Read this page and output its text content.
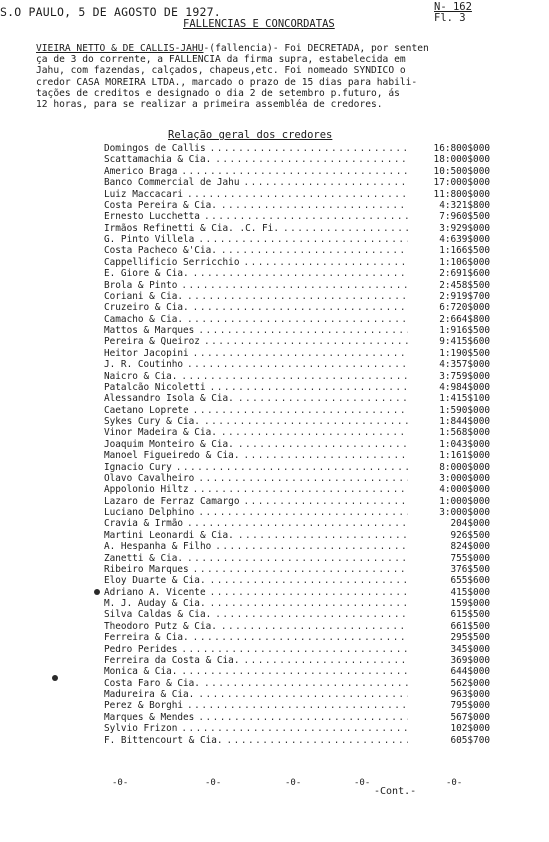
S.O PAULO, 5 DE AGOSTO DE 1927.	N- 162
Fl. 3
FALLENCIAS E CONCORDATAS
VIEIRA NETTO & DE CALLIS-JAHU-(fallencia)- Foi DECRETADA, por senten
ça de 3 do corrente, a FALLENCIA da firma supra, estabelecida em
Jahu, com fazendas, calçados, chapeus,etc. Foi nomeado SYNDICO o
credor CASA MOREIRA LTDA., marcado o prazo de 15 dias para habili-
tações de creditos e designado o dia 2 de setembro p.futuro, ás
12 horas, para se realizar a primeira assembléa de credores.
Relação geral dos credores
Domingos de Callis .....	16:800$000
Scattamachia & Cia. .....	18:000$000
Americo Braga .....	10:500$000
Banco Commercial de Jahu .....	17:000$000
Luiz Maccacari .....	11:800$000
Costa Pereira & Cia. .....	4:321$800
Ernesto Lucchetta .....	7:960$500
Irmãos Refinetti & Cia. .C. Fi. .....	3:929$000
G. Pinto Villela .....	4:639$000
Costa Pacheco &'Cia. .....	1:166$500
Cappellificio Serricchio .....	1:106$000
E. Giore & Cia. .....	2:691$600
Brola & Pinto .....	2:458$500
Coriani & Cia. .....	2:919$700
Cruzeiro & Cia. .....	6:720$000
Camacho & Cia. .....	2:664$800
Mattos & Marques .....	1:916$500
Pereira & Queiroz .....	9:415$600
Heitor Jacopini .....	1:190$500
J. R. Coutinho .....	4:357$000
Naicro & Cia. .....	3:759$000
Patalcão Nicoletti .....	4:984$000
Alessandro Isola & Cia. .....	1:415$100
Caetano Loprete .....	1:590$000
Sykes Cury & Cia. .....	1:844$000
Vinor Madeira & Cia. .....	1:568$000
Joaquim Monteiro & Cia. .....	1:043$000
Manoel Figueiredo & Cia. .....	1:161$000
Ignacio Cury .....	8:000$000
Olavo Cavalheiro .....	3:000$000
Appolonio Hiltz .....	4:000$000
Lazaro de Ferraz Camargo .....	1:000$000
Luciano Delphino .....	3:000$000
Cravia & Irmão .....	204$000
Martini Leonardi & Cia. .....	926$500
A. Hespanha & Filho .....	824$000
Zanetti & Cia. .....	755$000
Ribeiro Marques .....	376$500
Eloy Duarte & Cia. .....	655$600
Adriano A. Vicente .....	415$000
M. J. Auday & Cia. .....	159$000
Silva Caldas & Cia. .....	615$500
Theodoro Putz & Cia. .....	661$500
Ferreira & Cia. .....	295$500
Pedro Perides .....	345$000
Ferreira da Costa & Cia. .....	369$000
Monica & Cia. .....	644$000
Costa Faro & Cia. .....	562$000
Madureira & Cia. .....	963$000
Perez & Borghi .....	795$000
Marques & Mendes .....	567$000
Sylvio Frizon .....	102$000
F. Bittencourt & Cia. .....	605$700
-0-	-0-	-0-	-0-	-0-
-Cont.-
